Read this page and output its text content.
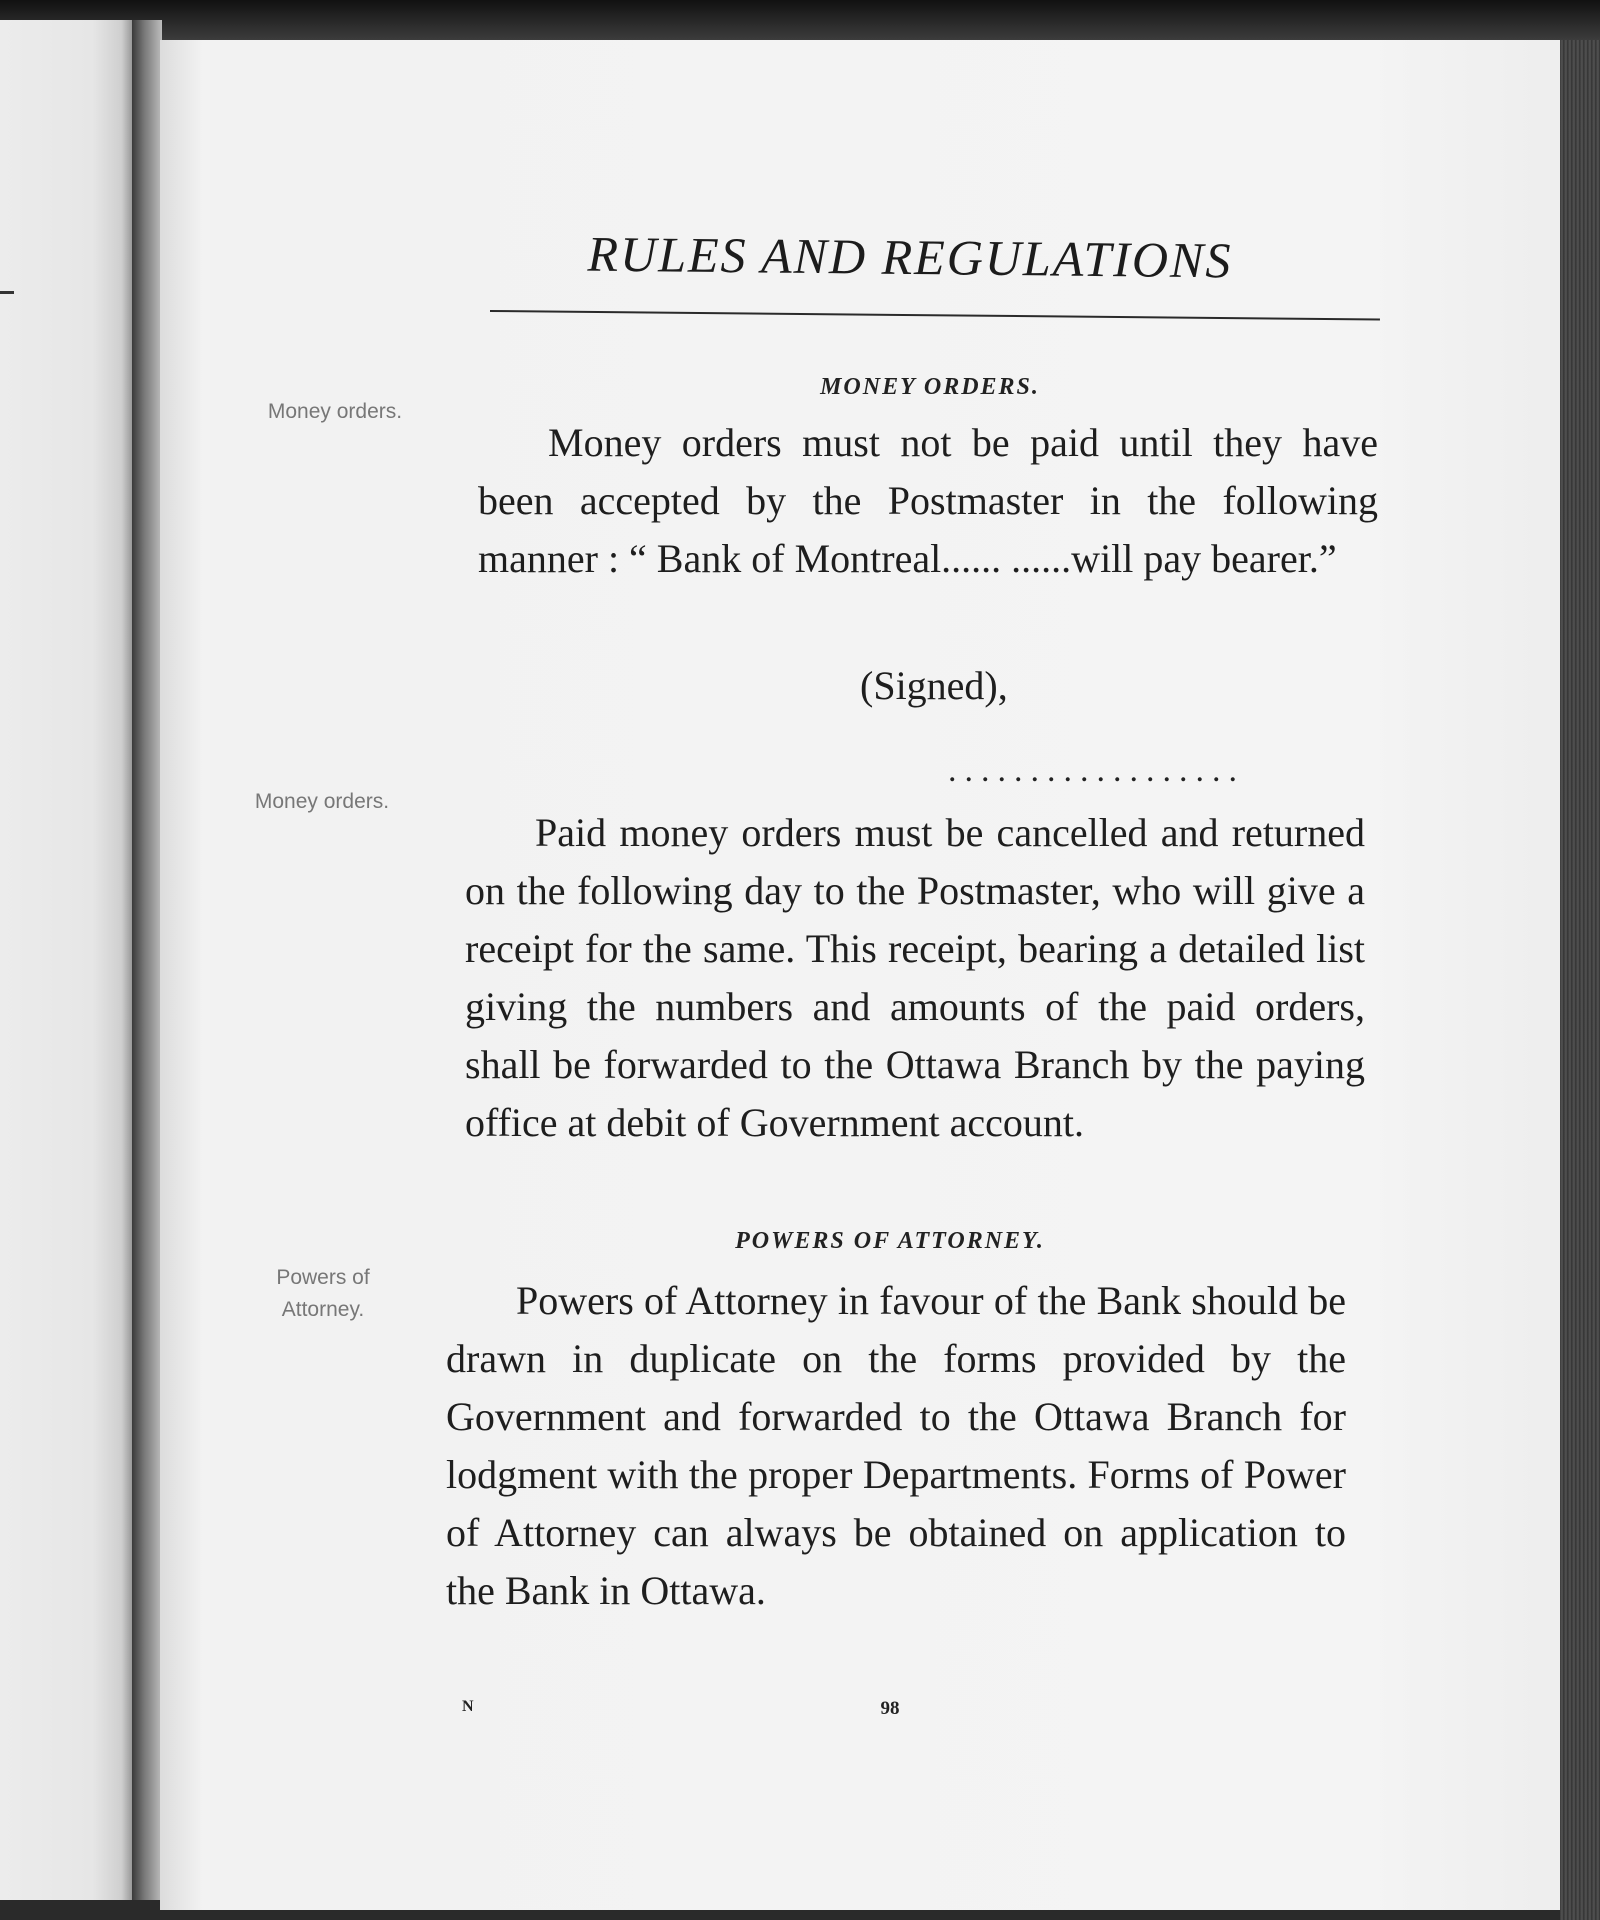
RULES AND REGULATIONS
MONEY ORDERS.
Money orders.
Money orders must not be paid until they have been accepted by the Postmaster in the following manner : “ Bank of Montreal...... ......will pay bearer.”
(Signed),
..................
Money orders.
Paid money orders must be cancelled and returned on the following day to the Postmaster, who will give a receipt for the same. This receipt, bearing a detailed list giving the numbers and amounts of the paid orders, shall be forwarded to the Ottawa Branch by the paying office at debit of Government account.
POWERS OF ATTORNEY.
Powers of Attorney.	Powers of Attorney in favour of the Bank should be drawn in duplicate on the forms provided by the Government and forwarded to the Ottawa Branch for lodgment with the proper Departments. Forms of Power of Attorney can always be obtained on application to the Bank in Ottawa.
N	98
